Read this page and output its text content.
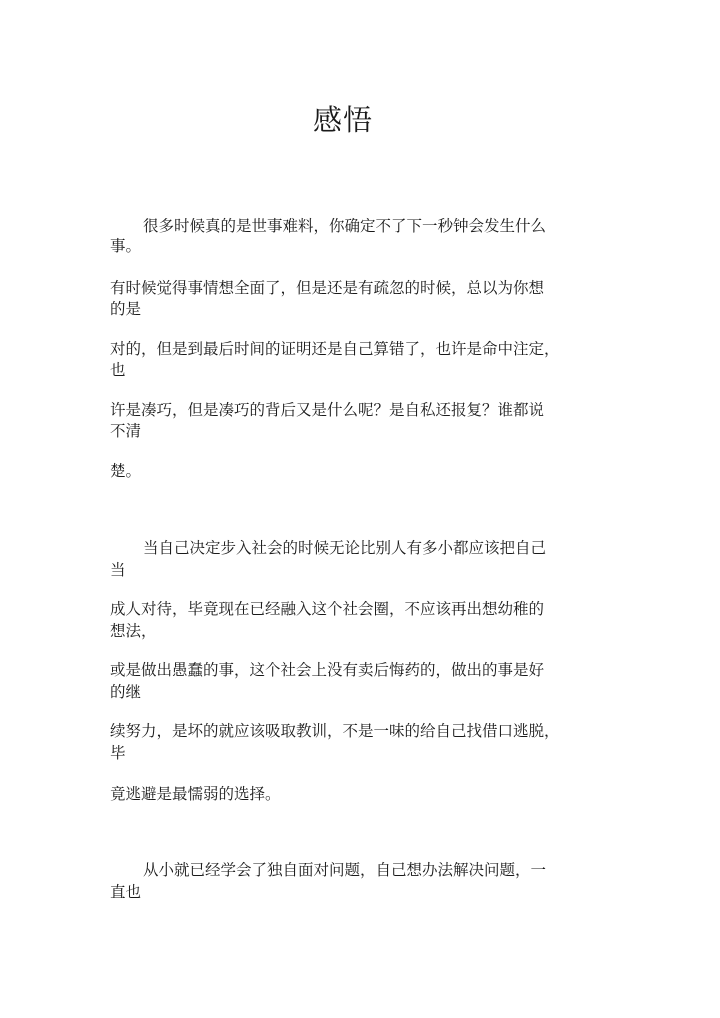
感悟
很多时候真的是世事难料，你确定不了下一秒钟会发生什么
事。
有时候觉得事情想全面了，但是还是有疏忽的时候，总以为你想
的是
对的，但是到最后时间的证明还是自己算错了，也许是命中注定，
也
许是凑巧，但是凑巧的背后又是什么呢？是自私还报复？谁都说
不清
楚。
当自己决定步入社会的时候无论比别人有多小都应该把自己
当
成人对待，毕竟现在已经融入这个社会圈，不应该再出想幼稚的
想法，
或是做出愚蠢的事，这个社会上没有卖后悔药的，做出的事是好
的继
续努力，是坏的就应该吸取教训，不是一味的给自己找借口逃脱，
毕
竟逃避是最懦弱的选择。
从小就已经学会了独自面对问题，自己想办法解决问题，一
直也
